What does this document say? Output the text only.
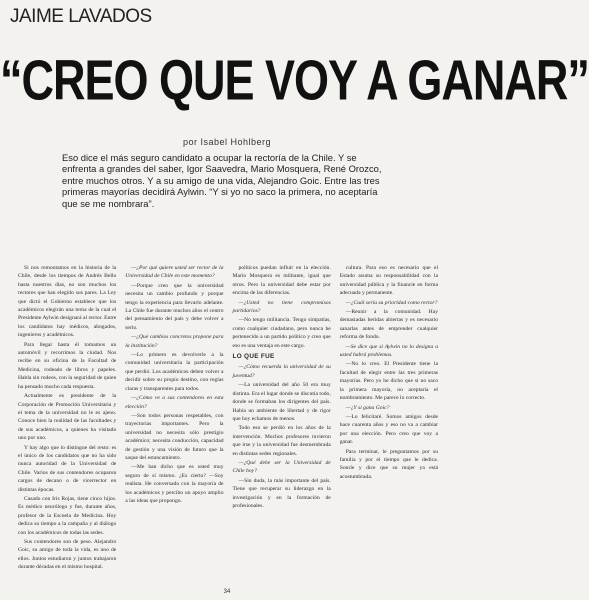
JAIME LAVADOS
“CREO QUE VOY A GANAR”
por Isabel Hohlberg
Eso dice el más seguro candidato a ocupar la rectoría de la Chile. Y se enfrenta a grandes del saber, Igor Saavedra, Mario Mosquera, René Orozco, entre muchos otros. Y a su amigo de una vida, Alejandro Goic. Entre las tres primeras mayorías decidirá Aylwin. “Y si yo no saco la primera, no aceptaría que se me nombrara”.

Si nos remontamos en la historia de la Chile, desde los tiempos de Andrés Bello hasta nuestros días, no son muchos los rectores que han elegido sus pares. La Ley que dictó el Gobierno establece que los académicos elegirán una terna de la cual el Presidente Aylwin designará al rector. Entre los candidatos hay médicos, abogados, ingenieros y académicos.

Para llegar hasta él tomamos un automóvil y recorrimos la ciudad. Nos recibe en su oficina de la Facultad de Medicina, rodeado de libros y papeles. Habla sin rodeos, con la seguridad de quien ha pensado mucho cada respuesta.

Actualmente es presidente de la Corporación de Promoción Universitaria y el tema de la universidad no le es ajeno. Conoce bien la realidad de las facultades y de sus académicos, a quienes ha visitado uno por uno.

Y hay algo que lo distingue del resto: es el único de los candidatos que no ha sido nunca autoridad de la Universidad de Chile. Varios de sus contendores ocuparon cargos de decano o de vicerrector en distintas épocas.

Casado con Iris Rojas, tiene cinco hijos. Es médico neurólogo y fue, durante años, profesor de la Escuela de Medicina. Hoy dedica su tiempo a la campaña y al diálogo con los académicos de todas las sedes.

Sus contendores son de peso. Alejandro Goic, su amigo de toda la vida, es uno de ellos. Juntos estudiaron y juntos trabajaron durante décadas en el mismo hospital.

—¿Por qué quiere usted ser rector de la Universidad de Chile en este momento?

—Porque creo que la universidad necesita un cambio profundo y porque tengo la experiencia para llevarlo adelante. La Chile fue durante muchos años el centro del pensamiento del país y debe volver a serlo.

—¿Qué cambios concretos propone para la institución?

—Lo primero es devolverle a la comunidad universitaria la participación que perdió. Los académicos deben volver a decidir sobre su propio destino, con reglas claras y transparentes para todos.

—¿Cómo ve a sus contendores en esta elección?

—Son todos personas respetables, con trayectorias importantes. Pero la universidad no necesita sólo prestigio académico; necesita conducción, capacidad de gestión y una visión de futuro que la saque del estancamiento.

—Me han dicho que es usted muy seguro de sí mismo. ¿Es cierto? —Soy realista. He conversado con la mayoría de los académicos y percibo un apoyo amplio a las ideas que propongo.

políticos puedan influir en la elección. Mario Mosquera es militante, igual que otros. Pero la universidad debe estar por encima de las diferencias.

—¿Usted no tiene compromisos partidarios?

—No tengo militancia. Tengo simpatías, como cualquier ciudadano, pero nunca he pertenecido a un partido político y creo que eso es una ventaja en este cargo.

LO QUE FUE

—¿Cómo recuerda la universidad de su juventud?

—La universidad del año 50 era muy distinta. Era el lugar donde se discutía todo, donde se formaban los dirigentes del país. Había un ambiente de libertad y de rigor que hoy echamos de menos.

Todo eso se perdió en los años de la intervención. Muchos profesores tuvieron que irse y la universidad fue desmembrada en distintas sedes regionales.

—¿Qué debe ser la Universidad de Chile hoy?

—Sin duda, la más importante del país. Tiene que recuperar su liderazgo en la investigación y en la formación de profesionales.

cultura. Para eso es necesario que el Estado asuma su responsabilidad con la universidad pública y la financie en forma adecuada y permanente.

—¿Cuál sería su prioridad como rector?

—Reunir a la comunidad. Hay demasiadas heridas abiertas y es necesario sanarlas antes de emprender cualquier reforma de fondo.

—Se dice que si Aylwin no lo designa a usted habrá problemas.

—No lo creo. El Presidente tiene la facultad de elegir entre las tres primeras mayorías. Pero yo he dicho que si no saco la primera mayoría, no aceptaría el nombramiento. Me parece lo correcto.

—¿Y si gana Goic?

—Lo felicitaré. Somos amigos desde hace cuarenta años y eso no va a cambiar por una elección. Pero creo que voy a ganar.

Para terminar, le preguntamos por su familia y por el tiempo que le dedica. Sonríe y dice que su mujer ya está acostumbrada.

34
